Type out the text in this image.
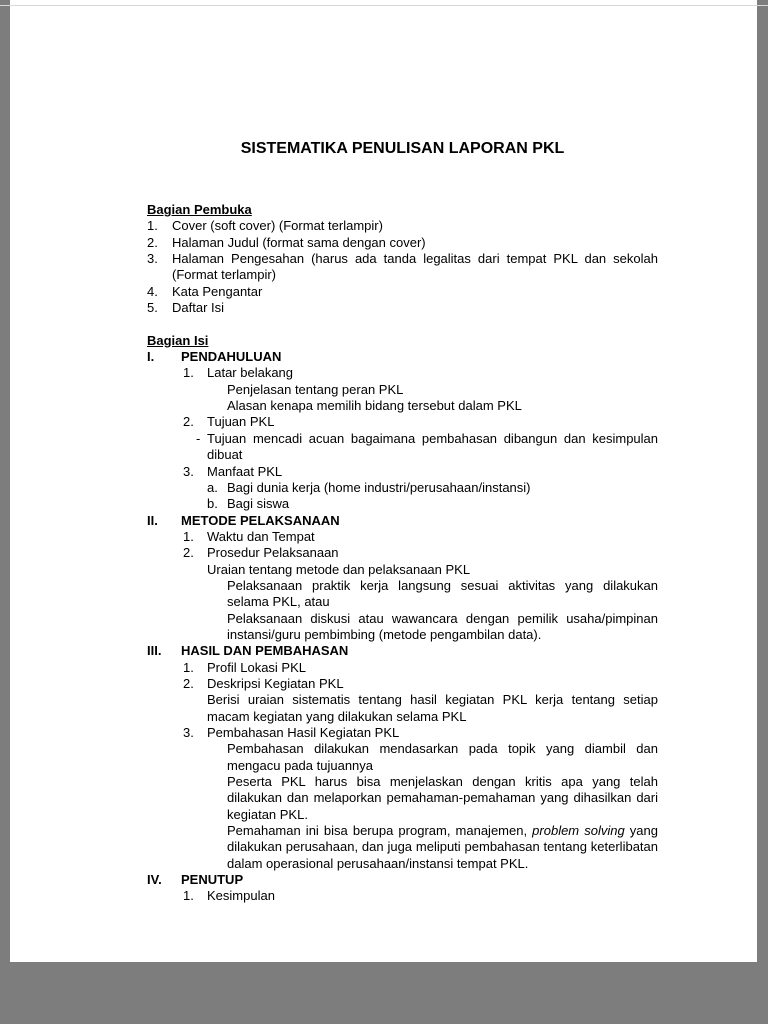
SISTEMATIKA PENULISAN LAPORAN PKL
Bagian Pembuka
1. Cover (soft cover) (Format terlampir)
2. Halaman Judul (format sama dengan cover)
3. Halaman Pengesahan (harus ada tanda legalitas dari tempat PKL dan sekolah (Format terlampir)
4. Kata Pengantar
5. Daftar Isi
Bagian Isi
I. PENDAHULUAN
1. Latar belakang
Penjelasan tentang peran PKL
Alasan kenapa memilih bidang tersebut dalam PKL
2. Tujuan PKL
- Tujuan mencadi acuan bagaimana pembahasan dibangun dan kesimpulan dibuat
3. Manfaat PKL
a. Bagi dunia kerja (home industri/perusahaan/instansi)
b. Bagi siswa
II. METODE PELAKSANAAN
1. Waktu dan Tempat
2. Prosedur Pelaksanaan
Uraian tentang metode dan pelaksanaan PKL
Pelaksanaan praktik kerja langsung sesuai aktivitas yang dilakukan selama PKL, atau
Pelaksanaan diskusi atau wawancara dengan pemilik usaha/pimpinan instansi/guru pembimbing (metode pengambilan data).
III. HASIL DAN PEMBAHASAN
1. Profil Lokasi PKL
2. Deskripsi Kegiatan PKL
Berisi uraian sistematis tentang hasil kegiatan PKL kerja tentang setiap macam kegiatan yang dilakukan selama PKL
3. Pembahasan Hasil Kegiatan PKL
Pembahasan dilakukan mendasarkan pada topik yang diambil dan mengacu pada tujuannya
Peserta PKL harus bisa menjelaskan dengan kritis apa yang telah dilakukan dan melaporkan pemahaman-pemahaman yang dihasilkan dari kegiatan PKL.
Pemahaman ini bisa berupa program, manajemen, problem solving yang dilakukan perusahaan, dan juga meliputi pembahasan tentang keterlibatan dalam operasional perusahaan/instansi tempat PKL.
IV. PENUTUP
1. Kesimpulan
